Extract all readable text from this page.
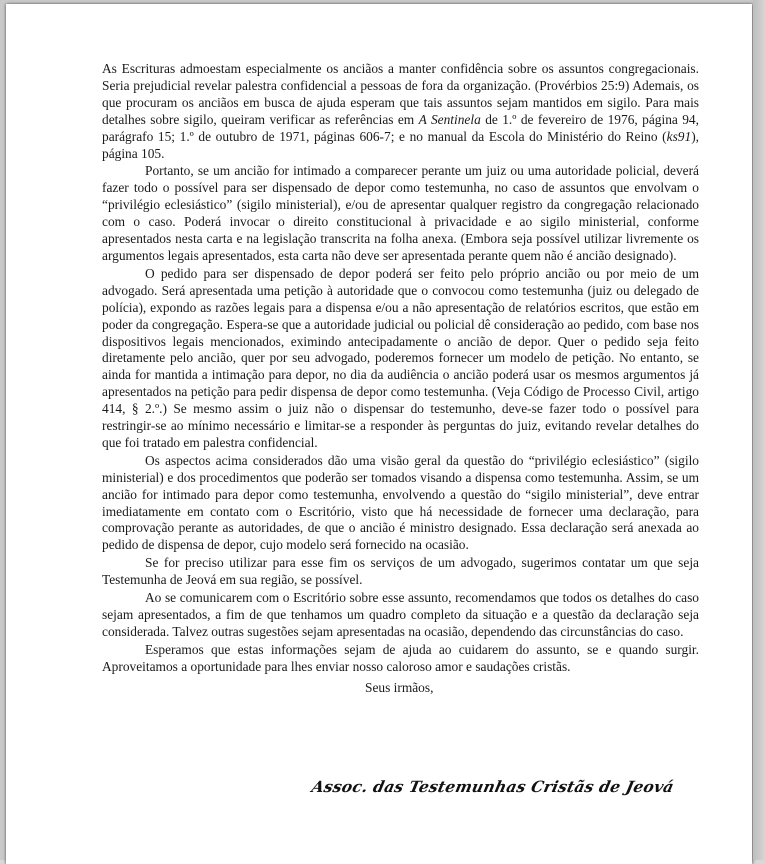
As Escrituras admoestam especialmente os anciãos a manter confidência sobre os assuntos congregacionais. Seria prejudicial revelar palestra confidencial a pessoas de fora da organização. (Provérbios 25:9) Ademais, os que procuram os anciãos em busca de ajuda esperam que tais assuntos sejam mantidos em sigilo. Para mais detalhes sobre sigilo, queiram verificar as referências em A Sentinela de 1.º de fevereiro de 1976, página 94, parágrafo 15; 1.º de outubro de 1971, páginas 606-7; e no manual da Escola do Ministério do Reino (ks91), página 105.

Portanto, se um ancião for intimado a comparecer perante um juiz ou uma autoridade policial, deverá fazer todo o possível para ser dispensado de depor como testemunha, no caso de assuntos que envolvam o “privilégio eclesiástico” (sigilo ministerial), e/ou de apresentar qualquer registro da congregação relacionado com o caso. Poderá invocar o direito constitucional à privacidade e ao sigilo ministerial, conforme apresentados nesta carta e na legislação transcrita na folha anexa. (Embora seja possível utilizar livremente os argumentos legais apresentados, esta carta não deve ser apresentada perante quem não é ancião designado).

O pedido para ser dispensado de depor poderá ser feito pelo próprio ancião ou por meio de um advogado. Será apresentada uma petição à autoridade que o convocou como testemunha (juiz ou delegado de polícia), expondo as razões legais para a dispensa e/ou a não apresentação de relatórios escritos, que estão em poder da congregação. Espera-se que a autoridade judicial ou policial dê consideração ao pedido, com base nos dispositivos legais mencionados, eximindo antecipadamente o ancião de depor. Quer o pedido seja feito diretamente pelo ancião, quer por seu advogado, poderemos fornecer um modelo de petição. No entanto, se ainda for mantida a intimação para depor, no dia da audiência o ancião poderá usar os mesmos argumentos já apresentados na petição para pedir dispensa de depor como testemunha. (Veja Código de Processo Civil, artigo 414, § 2.º.) Se mesmo assim o juiz não o dispensar do testemunho, deve-se fazer todo o possível para restringir-se ao mínimo necessário e limitar-se a responder às perguntas do juiz, evitando revelar detalhes do que foi tratado em palestra confidencial.

Os aspectos acima considerados dão uma visão geral da questão do “privilégio eclesiástico” (sigilo ministerial) e dos procedimentos que poderão ser tomados visando a dispensa como testemunha. Assim, se um ancião for intimado para depor como testemunha, envolvendo a questão do “sigilo ministerial”, deve entrar imediatamente em contato com o Escritório, visto que há necessidade de fornecer uma declaração, para comprovação perante as autoridades, de que o ancião é ministro designado. Essa declaração será anexada ao pedido de dispensa de depor, cujo modelo será fornecido na ocasião.

Se for preciso utilizar para esse fim os serviços de um advogado, sugerimos contatar um que seja Testemunha de Jeová em sua região, se possível.

Ao se comunicarem com o Escritório sobre esse assunto, recomendamos que todos os detalhes do caso sejam apresentados, a fim de que tenhamos um quadro completo da situação e a questão da declaração seja considerada. Talvez outras sugestões sejam apresentadas na ocasião, dependendo das circunstâncias do caso.

Esperamos que estas informações sejam de ajuda ao cuidarem do assunto, se e quando surgir. Aproveitamos a oportunidade para lhes enviar nosso caloroso amor e saudações cristãs.

Seus irmãos,

Assoc. das Testemunhas Cristãs de Jeová
